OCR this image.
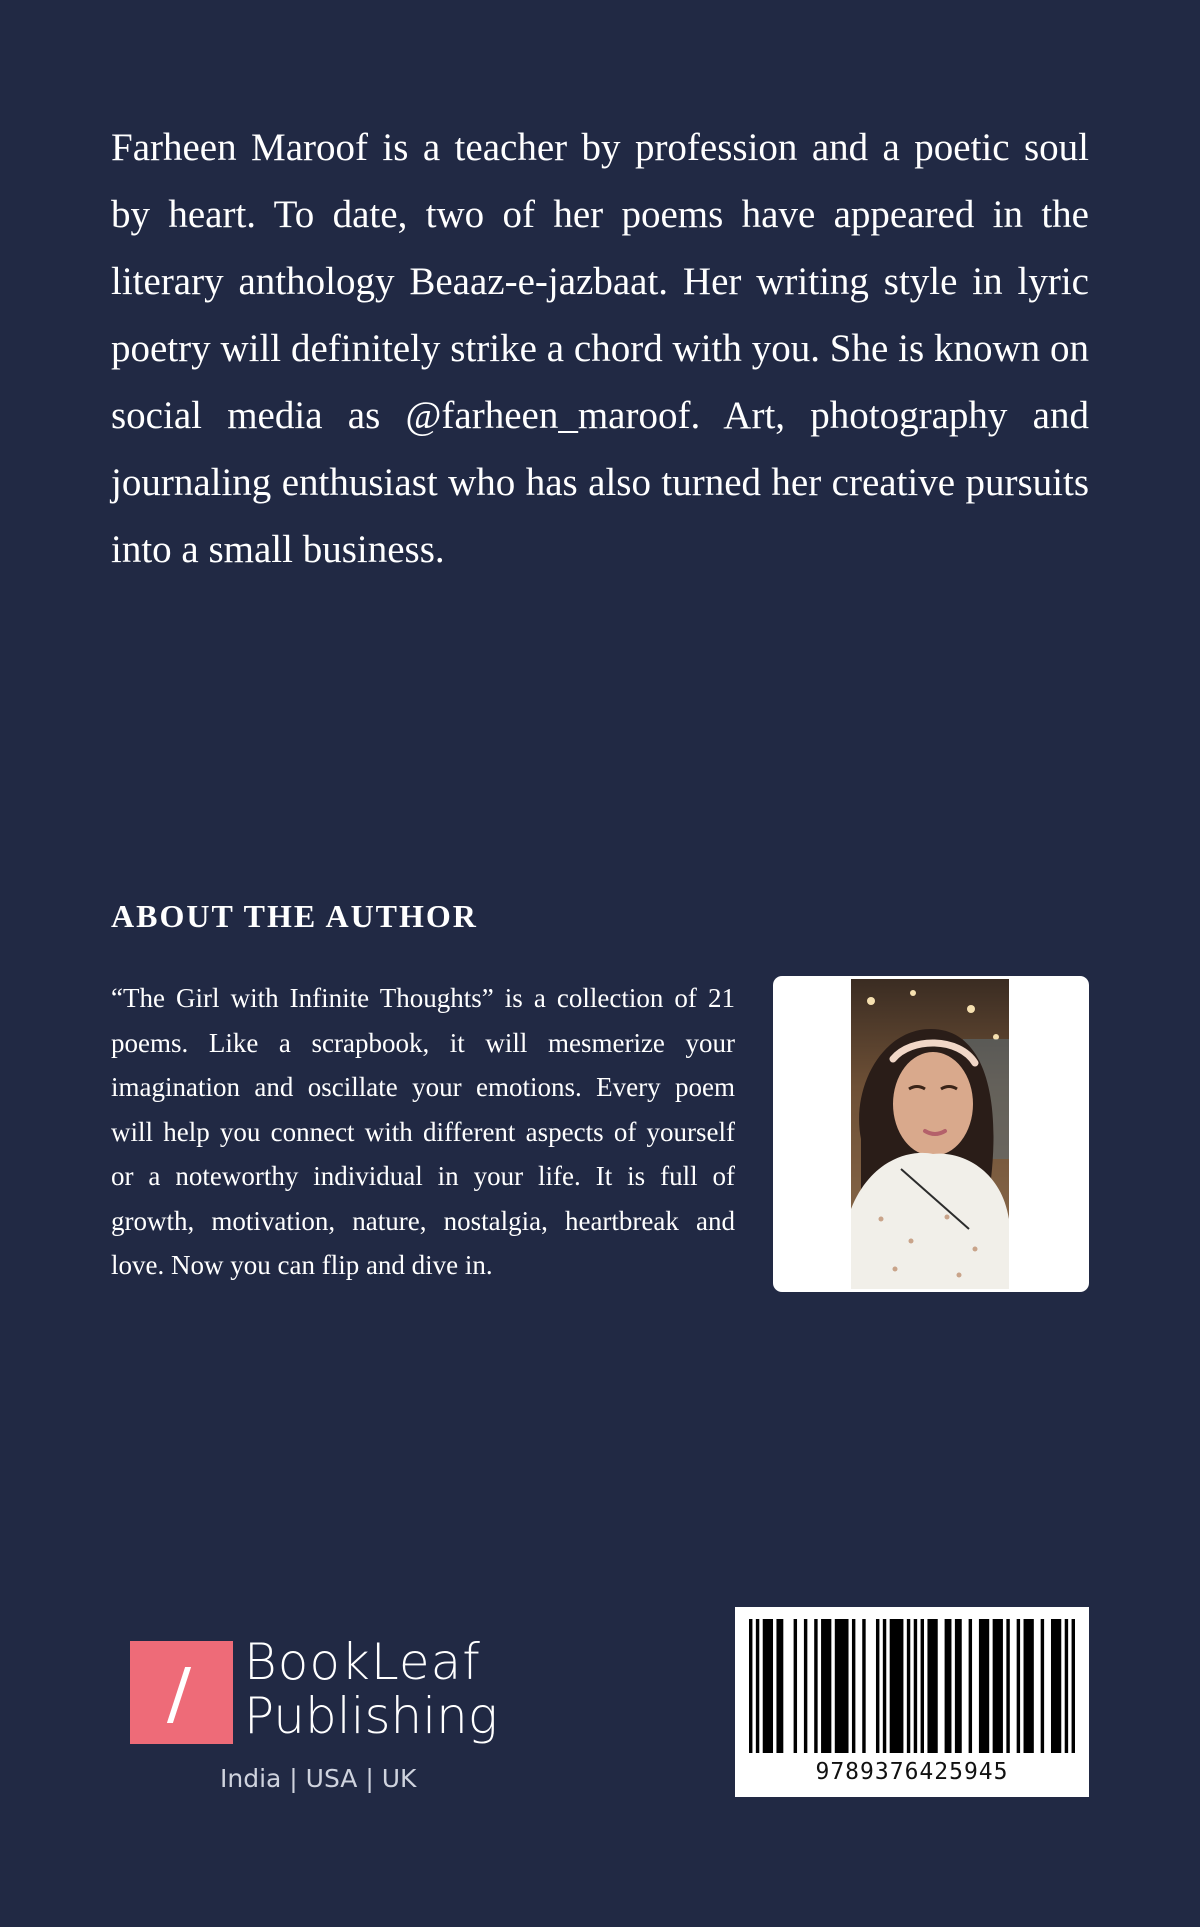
Farheen Maroof is a teacher by profession and a poetic soul by heart. To date, two of her poems have appeared in the literary anthology Beaaz-e-jazbaat. Her writing style in lyric poetry will definitely strike a chord with you. She is known on social media as @farheen_maroof. Art, photography and journaling enthusiast who has also turned her creative pursuits into a small business.

ABOUT THE AUTHOR

“The Girl with Infinite Thoughts” is a collection of 21 poems. Like a scrapbook, it will mesmerize your imagination and oscillate your emotions. Every poem will help you connect with different aspects of yourself or a noteworthy individual in your life. It is full of growth, motivation, nature, nostalgia, heartbreak and love. Now you can flip and dive in.

BookLeaf
Publishing
India | USA | UK	9789376425945
